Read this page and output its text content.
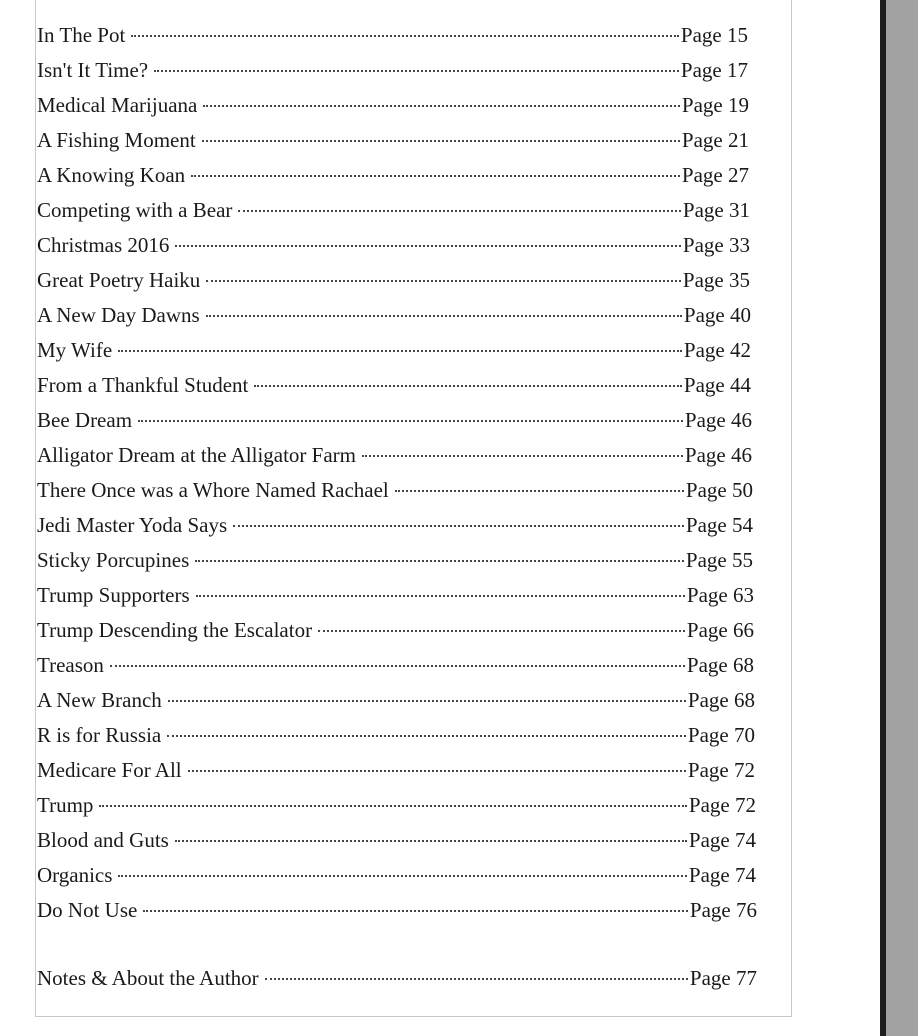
In The Pot	Page 15
Isn't It Time?	Page 17
Medical Marijuana	Page 19
A Fishing Moment	Page 21
A Knowing Koan	Page 27
Competing with a Bear	Page 31
Christmas 2016	Page 33
Great Poetry Haiku	Page 35
A New Day Dawns	Page 40
My Wife	Page 42
From a Thankful Student	Page 44
Bee Dream	Page 46
Alligator Dream at the Alligator Farm	Page 46
There Once was a Whore Named Rachael	Page 50
Jedi Master Yoda Says	Page 54
Sticky Porcupines	Page 55
Trump Supporters	Page 63
Trump Descending the Escalator	Page 66
Treason	Page 68
A New Branch	Page 68
R is for Russia	Page 70
Medicare For All	Page 72
Trump	Page 72
Blood and Guts	Page 74
Organics	Page 74
Do Not Use	Page 76
Notes & About the Author	Page 77
